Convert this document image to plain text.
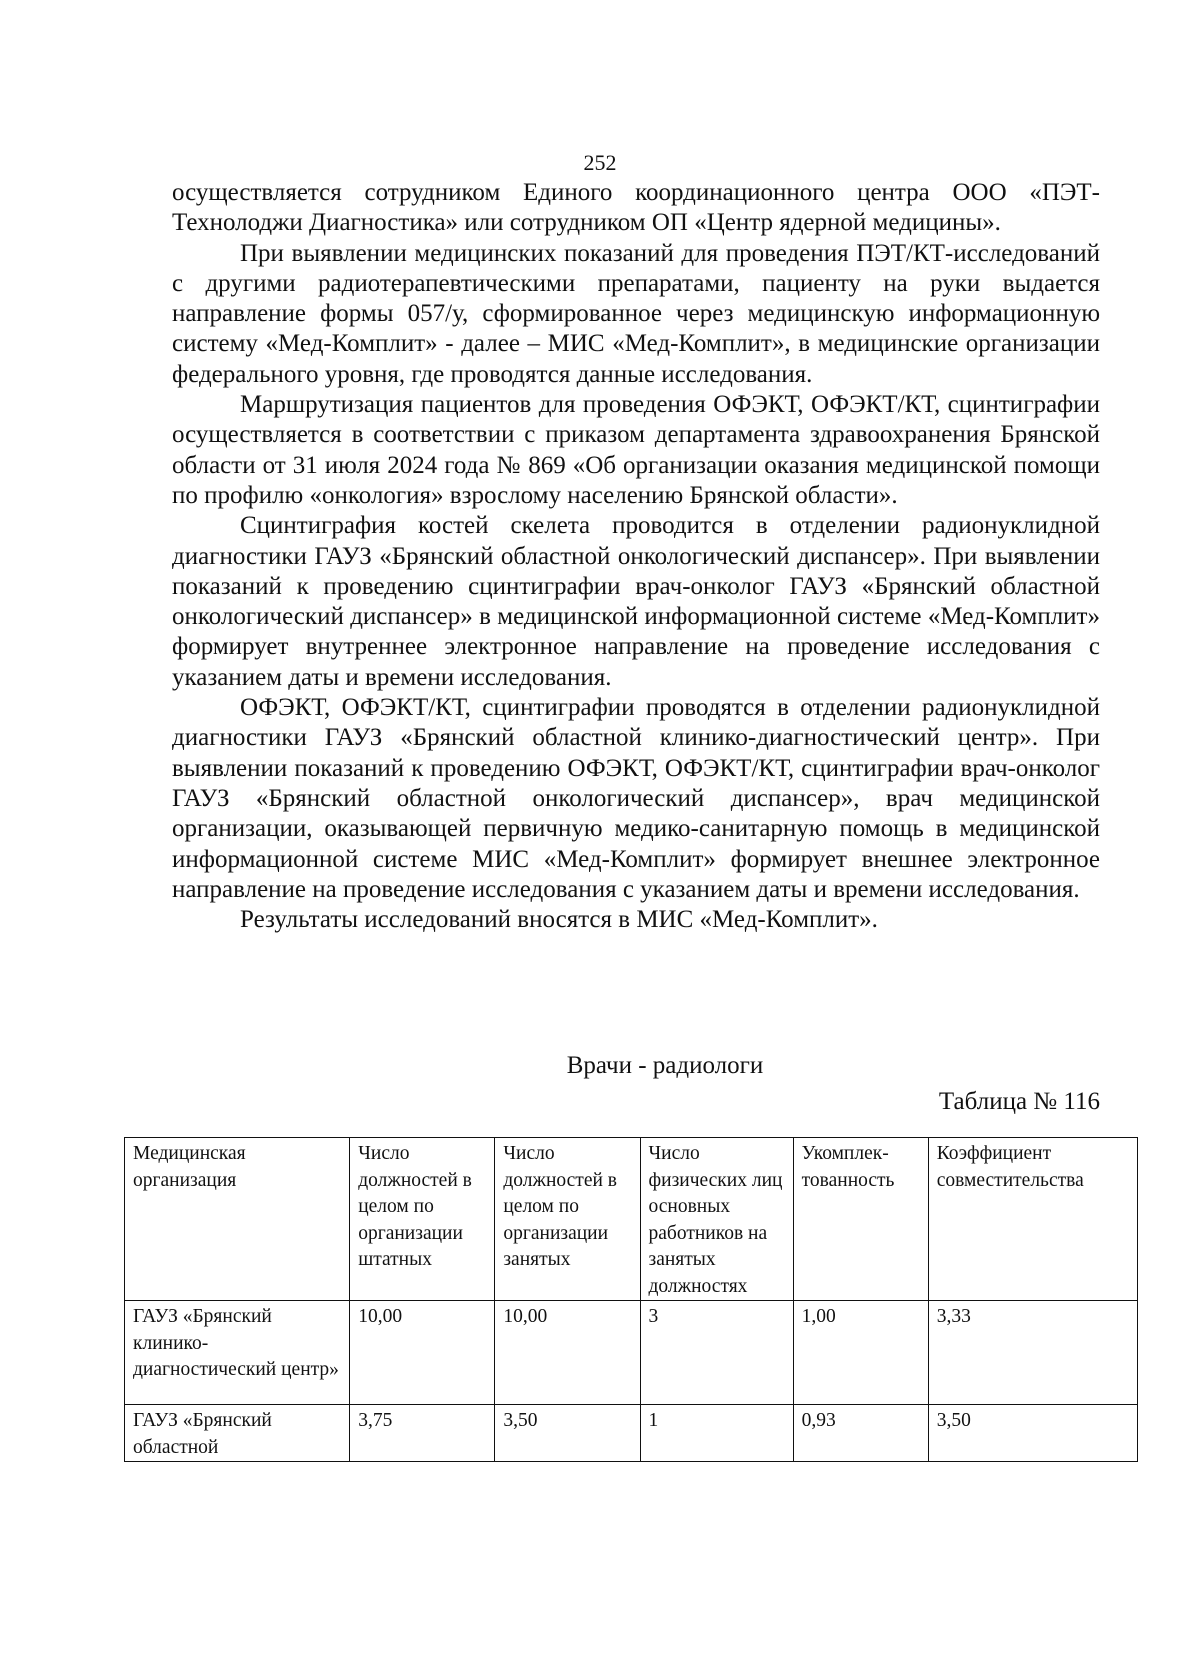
252

осуществляется сотрудником Единого координационного центра ООО «ПЭТ-Технолоджи Диагностика» или сотрудником ОП «Центр ядерной медицины».

При выявлении медицинских показаний для проведения ПЭТ/КТ-исследований с другими радиотерапевтическими препаратами, пациенту на руки выдается направление формы 057/у, сформированное через медицинскую информационную систему «Мед-Комплит» - далее – МИС «Мед-Комплит», в медицинские организации федерального уровня, где проводятся данные исследования.

Маршрутизация пациентов для проведения ОФЭКТ, ОФЭКТ/КТ, сцинтиграфии осуществляется в соответствии с приказом департамента здравоохранения Брянской области от 31 июля 2024 года № 869 «Об организации оказания медицинской помощи по профилю «онкология» взрослому населению Брянской области».

Сцинтиграфия костей скелета проводится в отделении радионуклидной диагностики ГАУЗ «Брянский областной онкологический диспансер». При выявлении показаний к проведению сцинтиграфии врач-онколог ГАУЗ «Брянский областной онкологический диспансер» в медицинской информационной системе «Мед-Комплит» формирует внутреннее электронное направление на проведение исследования с указанием даты и времени исследования.

ОФЭКТ, ОФЭКТ/КТ, сцинтиграфии проводятся в отделении радионуклидной диагностики ГАУЗ «Брянский областной клинико-диагностический центр». При выявлении показаний к проведению ОФЭКТ, ОФЭКТ/КТ, сцинтиграфии врач-онколог ГАУЗ «Брянский областной онкологический диспансер», врач медицинской организации, оказывающей первичную медико-санитарную помощь в медицинской информационной системе МИС «Мед-Комплит» формирует внешнее электронное направление на проведение исследования с указанием даты и времени исследования.

Результаты исследований вносятся в МИС «Мед-Комплит».

Врачи - радиологи
Таблица № 116
Медицинская организация	Число должностей в целом по организации штатных	Число должностей в целом по организации занятых	Число физических лиц основных работников на занятых должностях	Укомплек-тованность	Коэффициент совместительства
ГАУЗ «Брянский клинико-диагностический центр»	10,00	10,00	3	1,00	3,33
ГАУЗ «Брянский областной	3,75	3,50	1	0,93	3,50
